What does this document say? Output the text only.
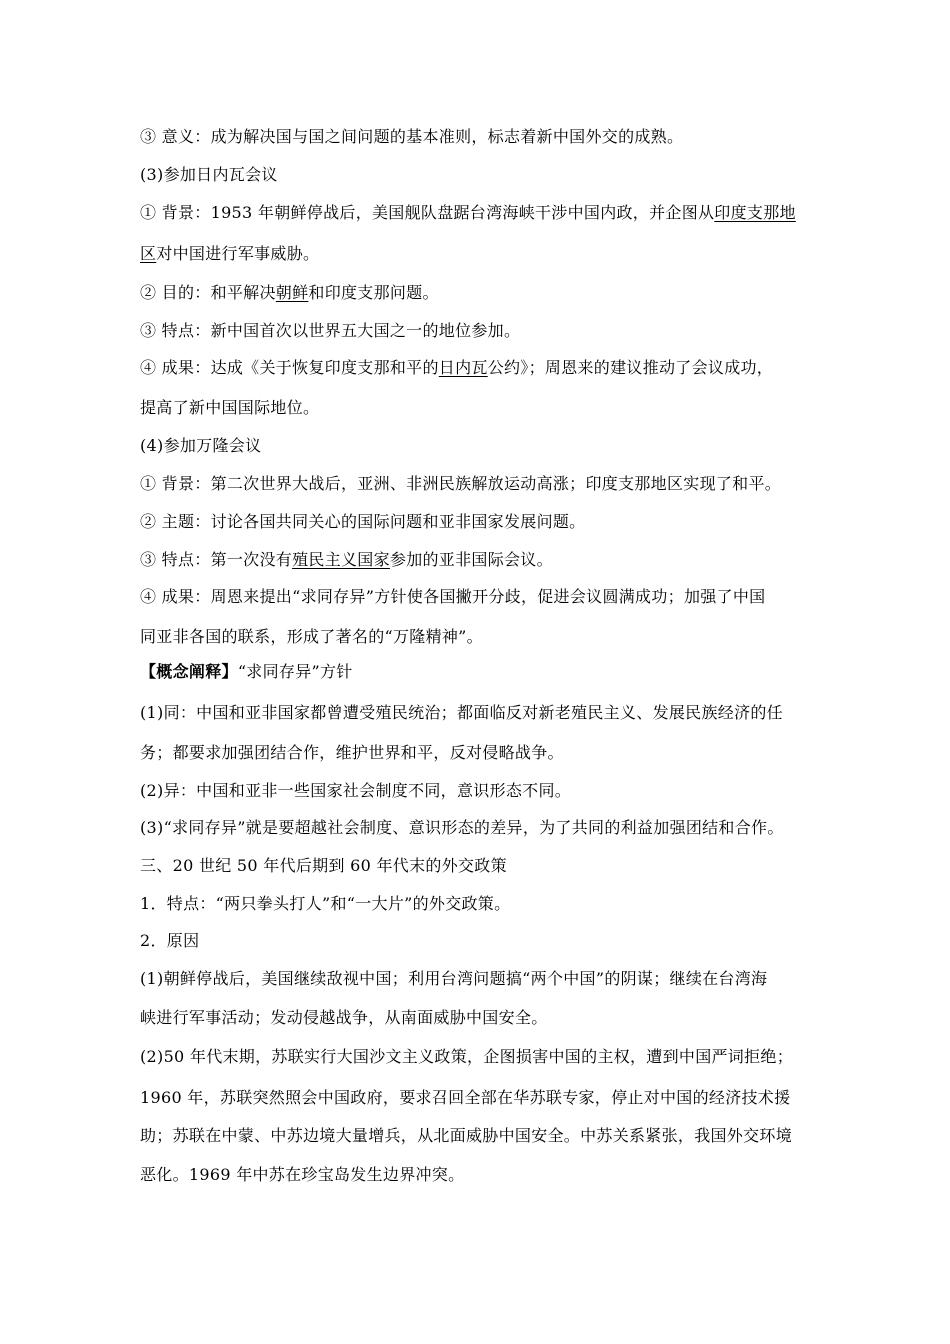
③ 意义：成为解决国与国之间问题的基本准则，标志着新中国外交的成熟。
(3)参加日内瓦会议
① 背景：1953 年朝鲜停战后，美国舰队盘踞台湾海峡干涉中国内政，并企图从印度支那地
区对中国进行军事威胁。
② 目的：和平解决朝鲜和印度支那问题。
③ 特点：新中国首次以世界五大国之一的地位参加。
④ 成果：达成《关于恢复印度支那和平的日内瓦公约》；周恩来的建议推动了会议成功，
提高了新中国国际地位。
(4)参加万隆会议
① 背景：第二次世界大战后，亚洲、非洲民族解放运动高涨；印度支那地区实现了和平。
② 主题：讨论各国共同关心的国际问题和亚非国家发展问题。
③ 特点：第一次没有殖民主义国家参加的亚非国际会议。
④ 成果：周恩来提出“求同存异”方针使各国撇开分歧，促进会议圆满成功；加强了中国
同亚非各国的联系，形成了著名的“万隆精神”。
【概念阐释】“求同存异”方针
(1)同：中国和亚非国家都曾遭受殖民统治；都面临反对新老殖民主义、发展民族经济的任
务；都要求加强团结合作，维护世界和平，反对侵略战争。
(2)异：中国和亚非一些国家社会制度不同，意识形态不同。
(3)“求同存异”就是要超越社会制度、意识形态的差异，为了共同的利益加强团结和合作。
三、20 世纪 50 年代后期到 60 年代末的外交政策
1．特点：“两只拳头打人”和“一大片”的外交政策。
2．原因
(1)朝鲜停战后，美国继续敌视中国；利用台湾问题搞“两个中国”的阴谋；继续在台湾海
峡进行军事活动；发动侵越战争，从南面威胁中国安全。
(2)50 年代末期，苏联实行大国沙文主义政策，企图损害中国的主权，遭到中国严词拒绝；
1960 年，苏联突然照会中国政府，要求召回全部在华苏联专家，停止对中国的经济技术援
助；苏联在中蒙、中苏边境大量增兵，从北面威胁中国安全。中苏关系紧张，我国外交环境
恶化。1969 年中苏在珍宝岛发生边界冲突。
